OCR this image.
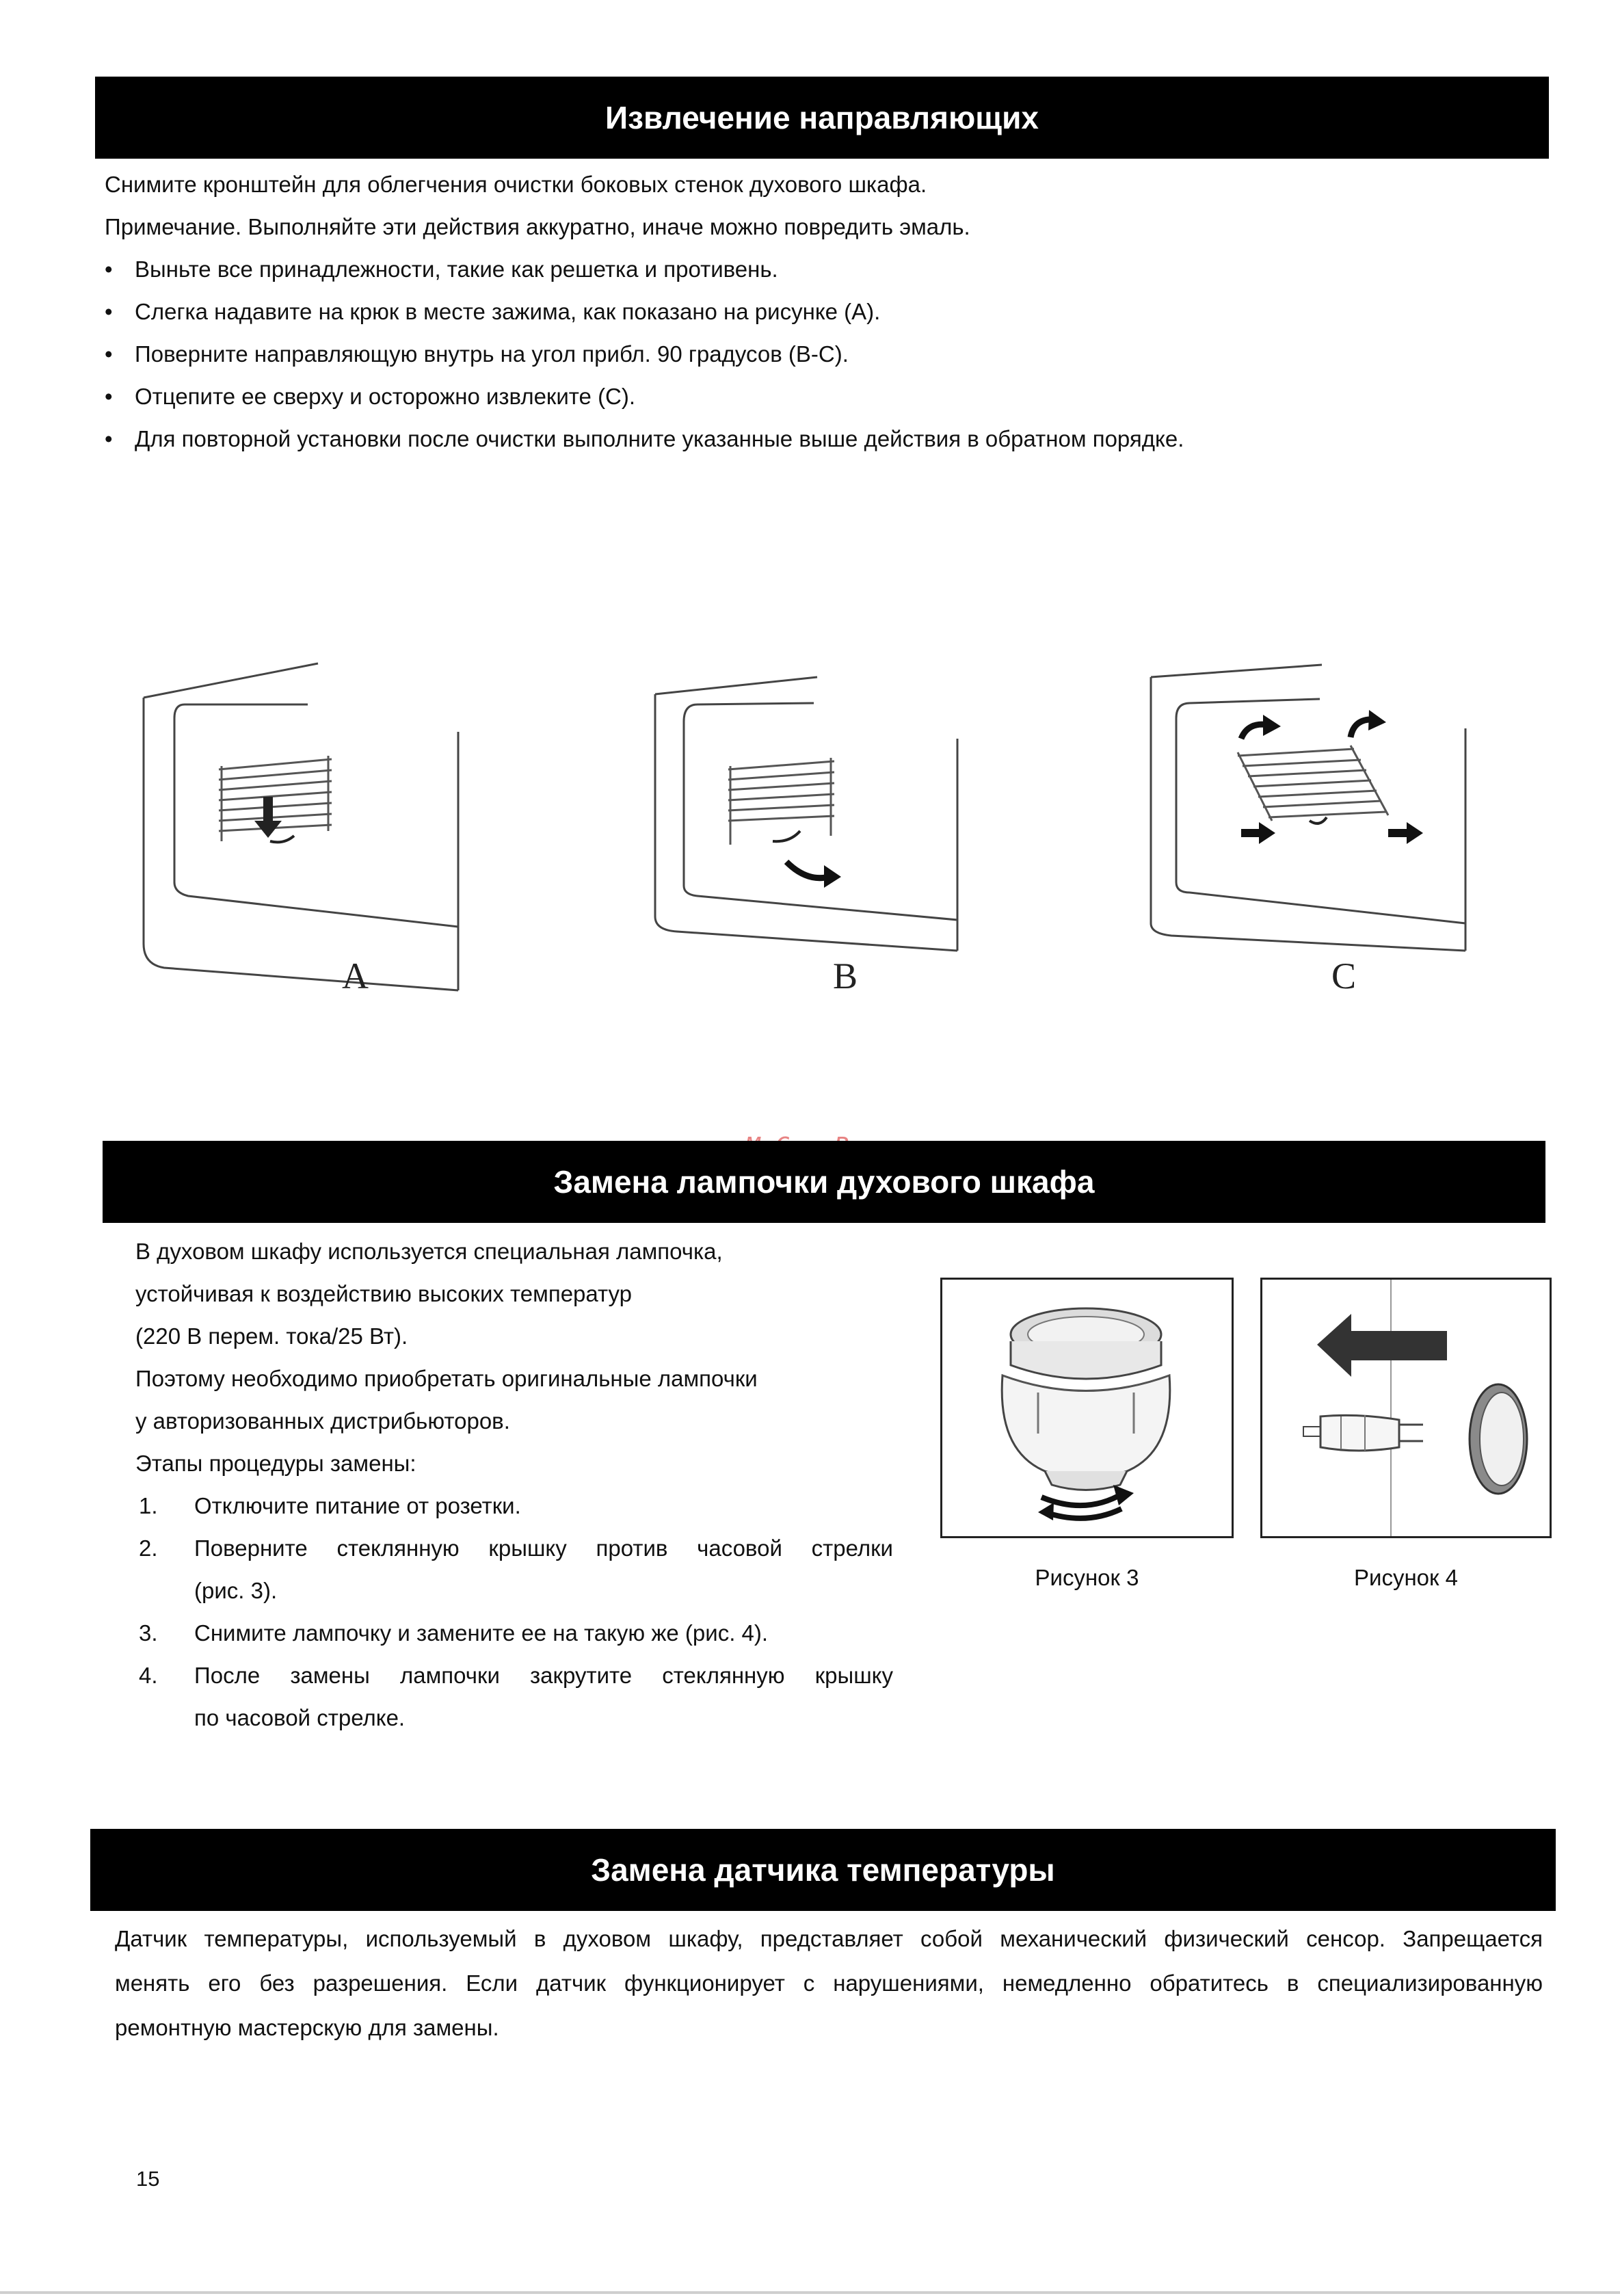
Извлечение направляющих
Снимите кронштейн для облегчения очистки боковых стенок духового шкафа.
Примечание. Выполняйте эти действия аккуратно, иначе можно повредить эмаль.
• Выньте все принадлежности, такие как решетка и противень.
• Слегка надавите на крюк в месте зажима, как показано на рисунке (A).
• Поверните направляющую внутрь на угол прибл. 90 градусов (B-C).
• Отцепите ее сверху и осторожно извлеките (C).
• Для повторной установки после очистки выполните указанные выше действия в обратном порядке.
A	B	C
Замена лампочки духового шкафа
В духовом шкафу используется специальная лампочка,
устойчивая к воздействию высоких температур
(220 В перем. тока/25 Вт).
Поэтому необходимо приобретать оригинальные лампочки
у авторизованных дистрибьюторов.
Этапы процедуры замены:
1. Отключите питание от розетки.
2. Поверните стеклянную крышку против часовой стрелки
(рис. 3).
3. Снимите лампочку и замените ее на такую же (рис. 4).
4. После замены лампочки закрутите стеклянную крышку
по часовой стрелке.
Рисунок 3	Рисунок 4
Замена датчика температуры
Датчик температуры, используемый в духовом шкафу, представляет собой механический физический сенсор. Запрещается
менять его без разрешения. Если датчик функционирует с нарушениями, немедленно обратитесь в специализированную
ремонтную мастерскую для замены.
15
